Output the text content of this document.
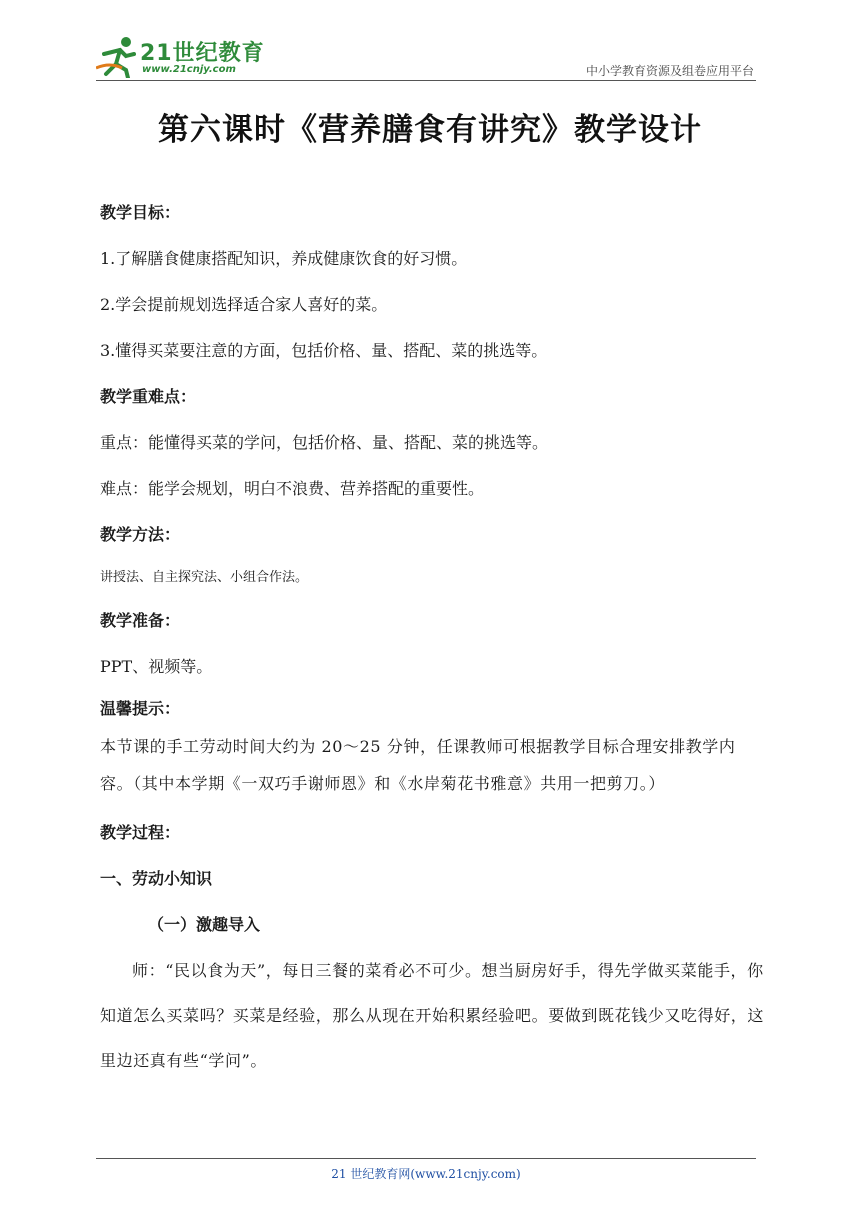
21世纪教育
www.21cnjy.com	中小学教育资源及组卷应用平台
第六课时《营养膳食有讲究》教学设计
教学目标：
1.了解膳食健康搭配知识，养成健康饮食的好习惯。
2.学会提前规划选择适合家人喜好的菜。
3.懂得买菜要注意的方面，包括价格、量、搭配、菜的挑选等。
教学重难点：
重点：能懂得买菜的学问，包括价格、量、搭配、菜的挑选等。
难点：能学会规划，明白不浪费、营养搭配的重要性。
教学方法：
讲授法、自主探究法、小组合作法。
教学准备：
PPT、视频等。
温馨提示：

本节课的手工劳动时间大约为 20～25 分钟，任课教师可根据教学目标合理安排教学内容。（其中本学期《一双巧手谢师恩》和《水岸菊花书雅意》共用一把剪刀。）

教学过程：
一、劳动小知识
（一）激趣导入

师：“民以食为天”，每日三餐的菜肴必不可少。想当厨房好手，得先学做买菜能手，你知道怎么买菜吗？买菜是经验，那么从现在开始积累经验吧。要做到既花钱少又吃得好，这里边还真有些“学问”。

21 世纪教育网(www.21cnjy.com)
